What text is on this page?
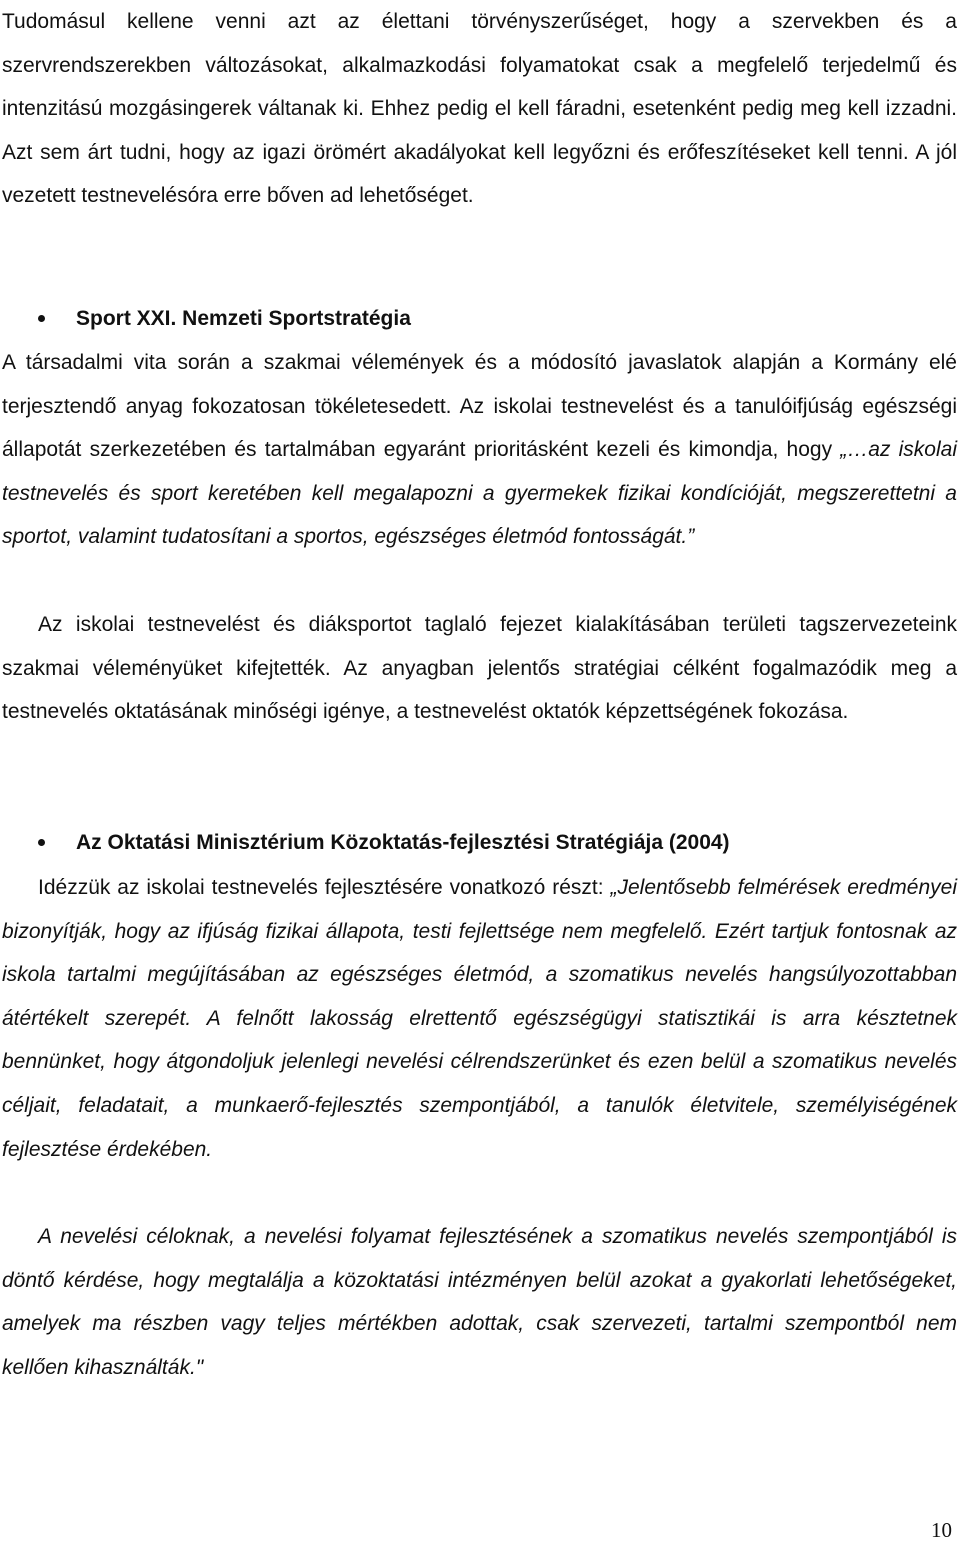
Tudomásul kellene venni azt az élettani törvényszerűséget, hogy a szervekben és a szervrendszerekben változásokat, alkalmazkodási folyamatokat csak a megfelelő terjedelmű és intenzitású mozgásingerek váltanak ki. Ehhez pedig el kell fáradni, esetenként pedig meg kell izzadni. Azt sem árt tudni, hogy az igazi örömért akadályokat kell legyőzni és erőfeszítéseket kell tenni. A jól vezetett testnevelésóra erre bőven ad lehetőséget.

Sport XXI. Nemzeti Sportstratégia

A társadalmi vita során a szakmai vélemények és a módosító javaslatok alapján a Kormány elé terjesztendő anyag fokozatosan tökéletesedett. Az iskolai testnevelést és a tanulóifjúság egészségi állapotát szerkezetében és tartalmában egyaránt prioritásként kezeli és kimondja, hogy „…az iskolai testnevelés és sport keretében kell megalapozni a gyermekek fizikai kondícióját, megszerettetni a sportot, valamint tudatosítani a sportos, egészséges életmód fontosságát.”

Az iskolai testnevelést és diáksportot taglaló fejezet kialakításában területi tagszervezeteink szakmai véleményüket kifejtették. Az anyagban jelentős stratégiai célként fogalmazódik meg a testnevelés oktatásának minőségi igénye, a testnevelést oktatók képzettségének fokozása.

Az Oktatási Minisztérium Közoktatás-fejlesztési Stratégiája (2004)

Idézzük az iskolai testnevelés fejlesztésére vonatkozó részt: „Jelentősebb felmérések eredményei bizonyítják, hogy az ifjúság fizikai állapota, testi fejlettsége nem megfelelő. Ezért tartjuk fontosnak az iskola tartalmi megújításában az egészséges életmód, a szomatikus nevelés hangsúlyozottabban átértékelt szerepét. A felnőtt lakosság elrettentő egészségügyi statisztikái is arra késztetnek bennünket, hogy átgondoljuk jelenlegi nevelési célrendszerünket és ezen belül a szomatikus nevelés céljait, feladatait, a munkaerő-fejlesztés szempontjából, a tanulók életvitele, személyiségének fejlesztése érdekében.

A nevelési céloknak, a nevelési folyamat fejlesztésének a szomatikus nevelés szempontjából is döntő kérdése, hogy megtalálja a közoktatási intézményen belül azokat a gyakorlati lehetőségeket, amelyek ma részben vagy teljes mértékben adottak, csak szervezeti, tartalmi szempontból nem kellően kihasználták."

10
